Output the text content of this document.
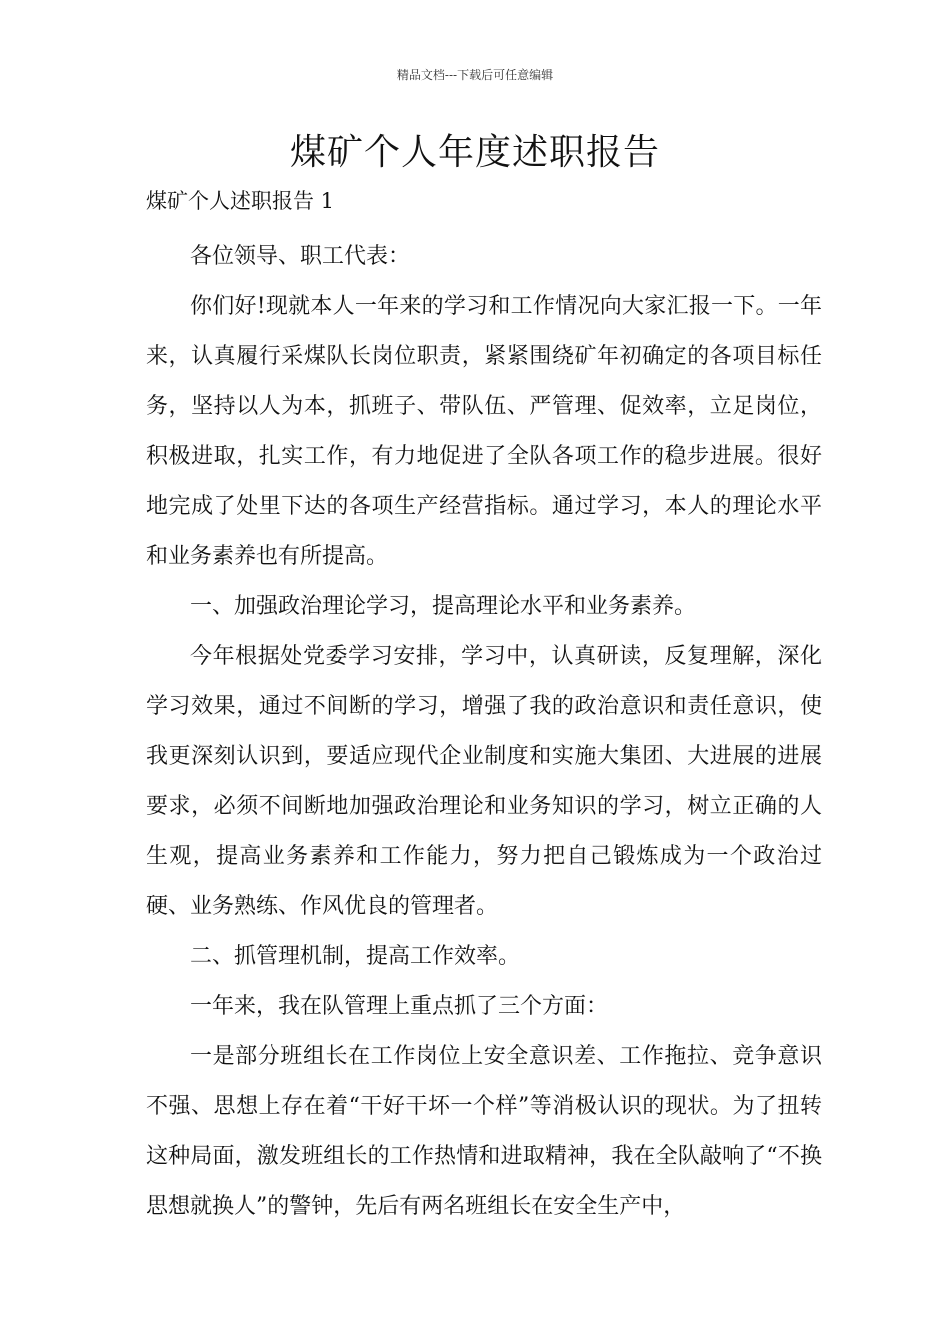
精品文档---下载后可任意编辑
煤矿个人年度述职报告
煤矿个人述职报告 1

各位领导、职工代表：

你们好!现就本人一年来的学习和工作情况向大家汇报一下。一年来，认真履行采煤队长岗位职责，紧紧围绕矿年初确定的各项目标任务，坚持以人为本，抓班子、带队伍、严管理、促效率，立足岗位，积极进取，扎实工作，有力地促进了全队各项工作的稳步进展。很好地完成了处里下达的各项生产经营指标。通过学习，本人的理论水平和业务素养也有所提高。

一、加强政治理论学习，提高理论水平和业务素养。

今年根据处党委学习安排，学习中，认真研读，反复理解，深化学习效果，通过不间断的学习，增强了我的政治意识和责任意识，使我更深刻认识到，要适应现代企业制度和实施大集团、大进展的进展要求，必须不间断地加强政治理论和业务知识的学习，树立正确的人生观，提高业务素养和工作能力，努力把自己锻炼成为一个政治过硬、业务熟练、作风优良的管理者。

二、抓管理机制，提高工作效率。

一年来，我在队管理上重点抓了三个方面：

一是部分班组长在工作岗位上安全意识差、工作拖拉、竞争意识不强、思想上存在着“干好干坏一个样”等消极认识的现状。为了扭转这种局面，激发班组长的工作热情和进取精神，我在全队敲响了“不换思想就换人”的警钟，先后有两名班组长在安全生产中，
